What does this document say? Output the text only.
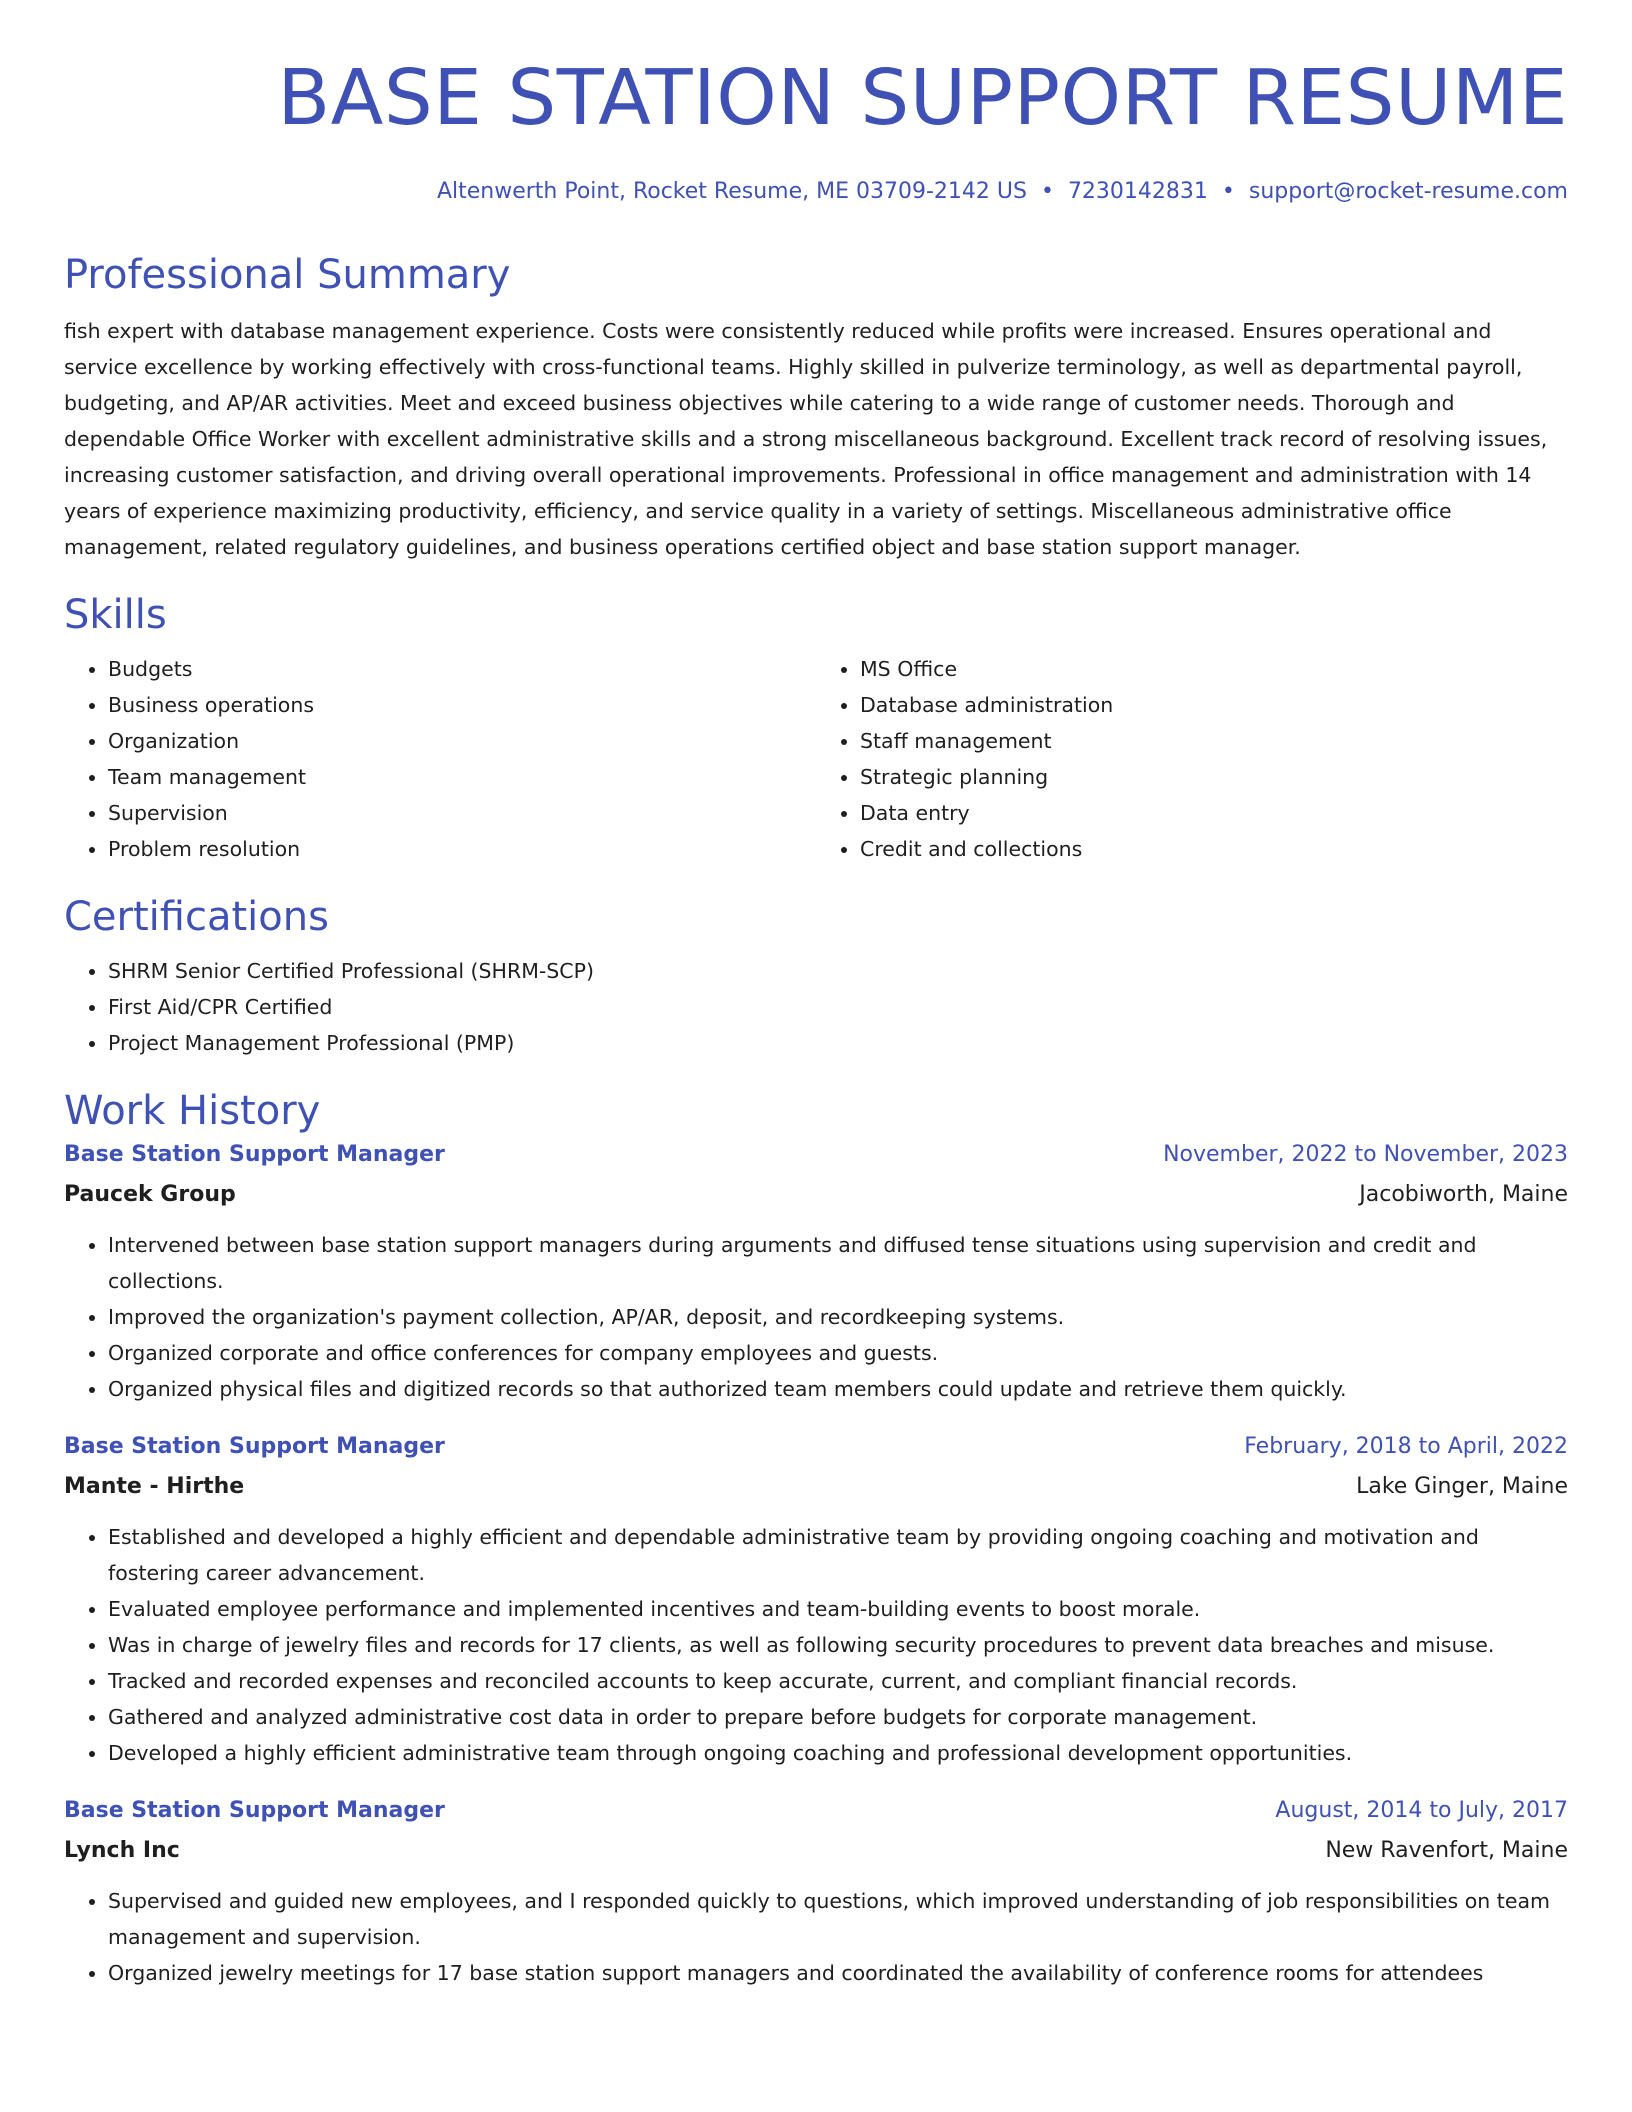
BASE STATION SUPPORT RESUME
Altenwerth Point, Rocket Resume, ME 03709-2142 US • 7230142831 • support@rocket-resume.com
Professional Summary
fish expert with database management experience. Costs were consistently reduced while profits were increased. Ensures operational and service excellence by working effectively with cross-functional teams. Highly skilled in pulverize terminology, as well as departmental payroll, budgeting, and AP/AR activities. Meet and exceed business objectives while catering to a wide range of customer needs. Thorough and dependable Office Worker with excellent administrative skills and a strong miscellaneous background. Excellent track record of resolving issues, increasing customer satisfaction, and driving overall operational improvements. Professional in office management and administration with 14 years of experience maximizing productivity, efficiency, and service quality in a variety of settings. Miscellaneous administrative office management, related regulatory guidelines, and business operations certified object and base station support manager.
Skills
• Budgets
• Business operations
• Organization
• Team management
• Supervision
• Problem resolution
• MS Office
• Database administration
• Staff management
• Strategic planning
• Data entry
• Credit and collections
Certifications
• SHRM Senior Certified Professional (SHRM-SCP)
• First Aid/CPR Certified
• Project Management Professional (PMP)
Work History
Base Station Support Manager	November, 2022 to November, 2023
Paucek Group	Jacobiworth, Maine
• Intervened between base station support managers during arguments and diffused tense situations using supervision and credit and collections.
• Improved the organization's payment collection, AP/AR, deposit, and recordkeeping systems.
• Organized corporate and office conferences for company employees and guests.
• Organized physical files and digitized records so that authorized team members could update and retrieve them quickly.
Base Station Support Manager	February, 2018 to April, 2022
Mante - Hirthe	Lake Ginger, Maine
• Established and developed a highly efficient and dependable administrative team by providing ongoing coaching and motivation and fostering career advancement.
• Evaluated employee performance and implemented incentives and team-building events to boost morale.
• Was in charge of jewelry files and records for 17 clients, as well as following security procedures to prevent data breaches and misuse.
• Tracked and recorded expenses and reconciled accounts to keep accurate, current, and compliant financial records.
• Gathered and analyzed administrative cost data in order to prepare before budgets for corporate management.
• Developed a highly efficient administrative team through ongoing coaching and professional development opportunities.
Base Station Support Manager	August, 2014 to July, 2017
Lynch Inc	New Ravenfort, Maine
• Supervised and guided new employees, and I responded quickly to questions, which improved understanding of job responsibilities on team management and supervision.
• Organized jewelry meetings for 17 base station support managers and coordinated the availability of conference rooms for attendees
